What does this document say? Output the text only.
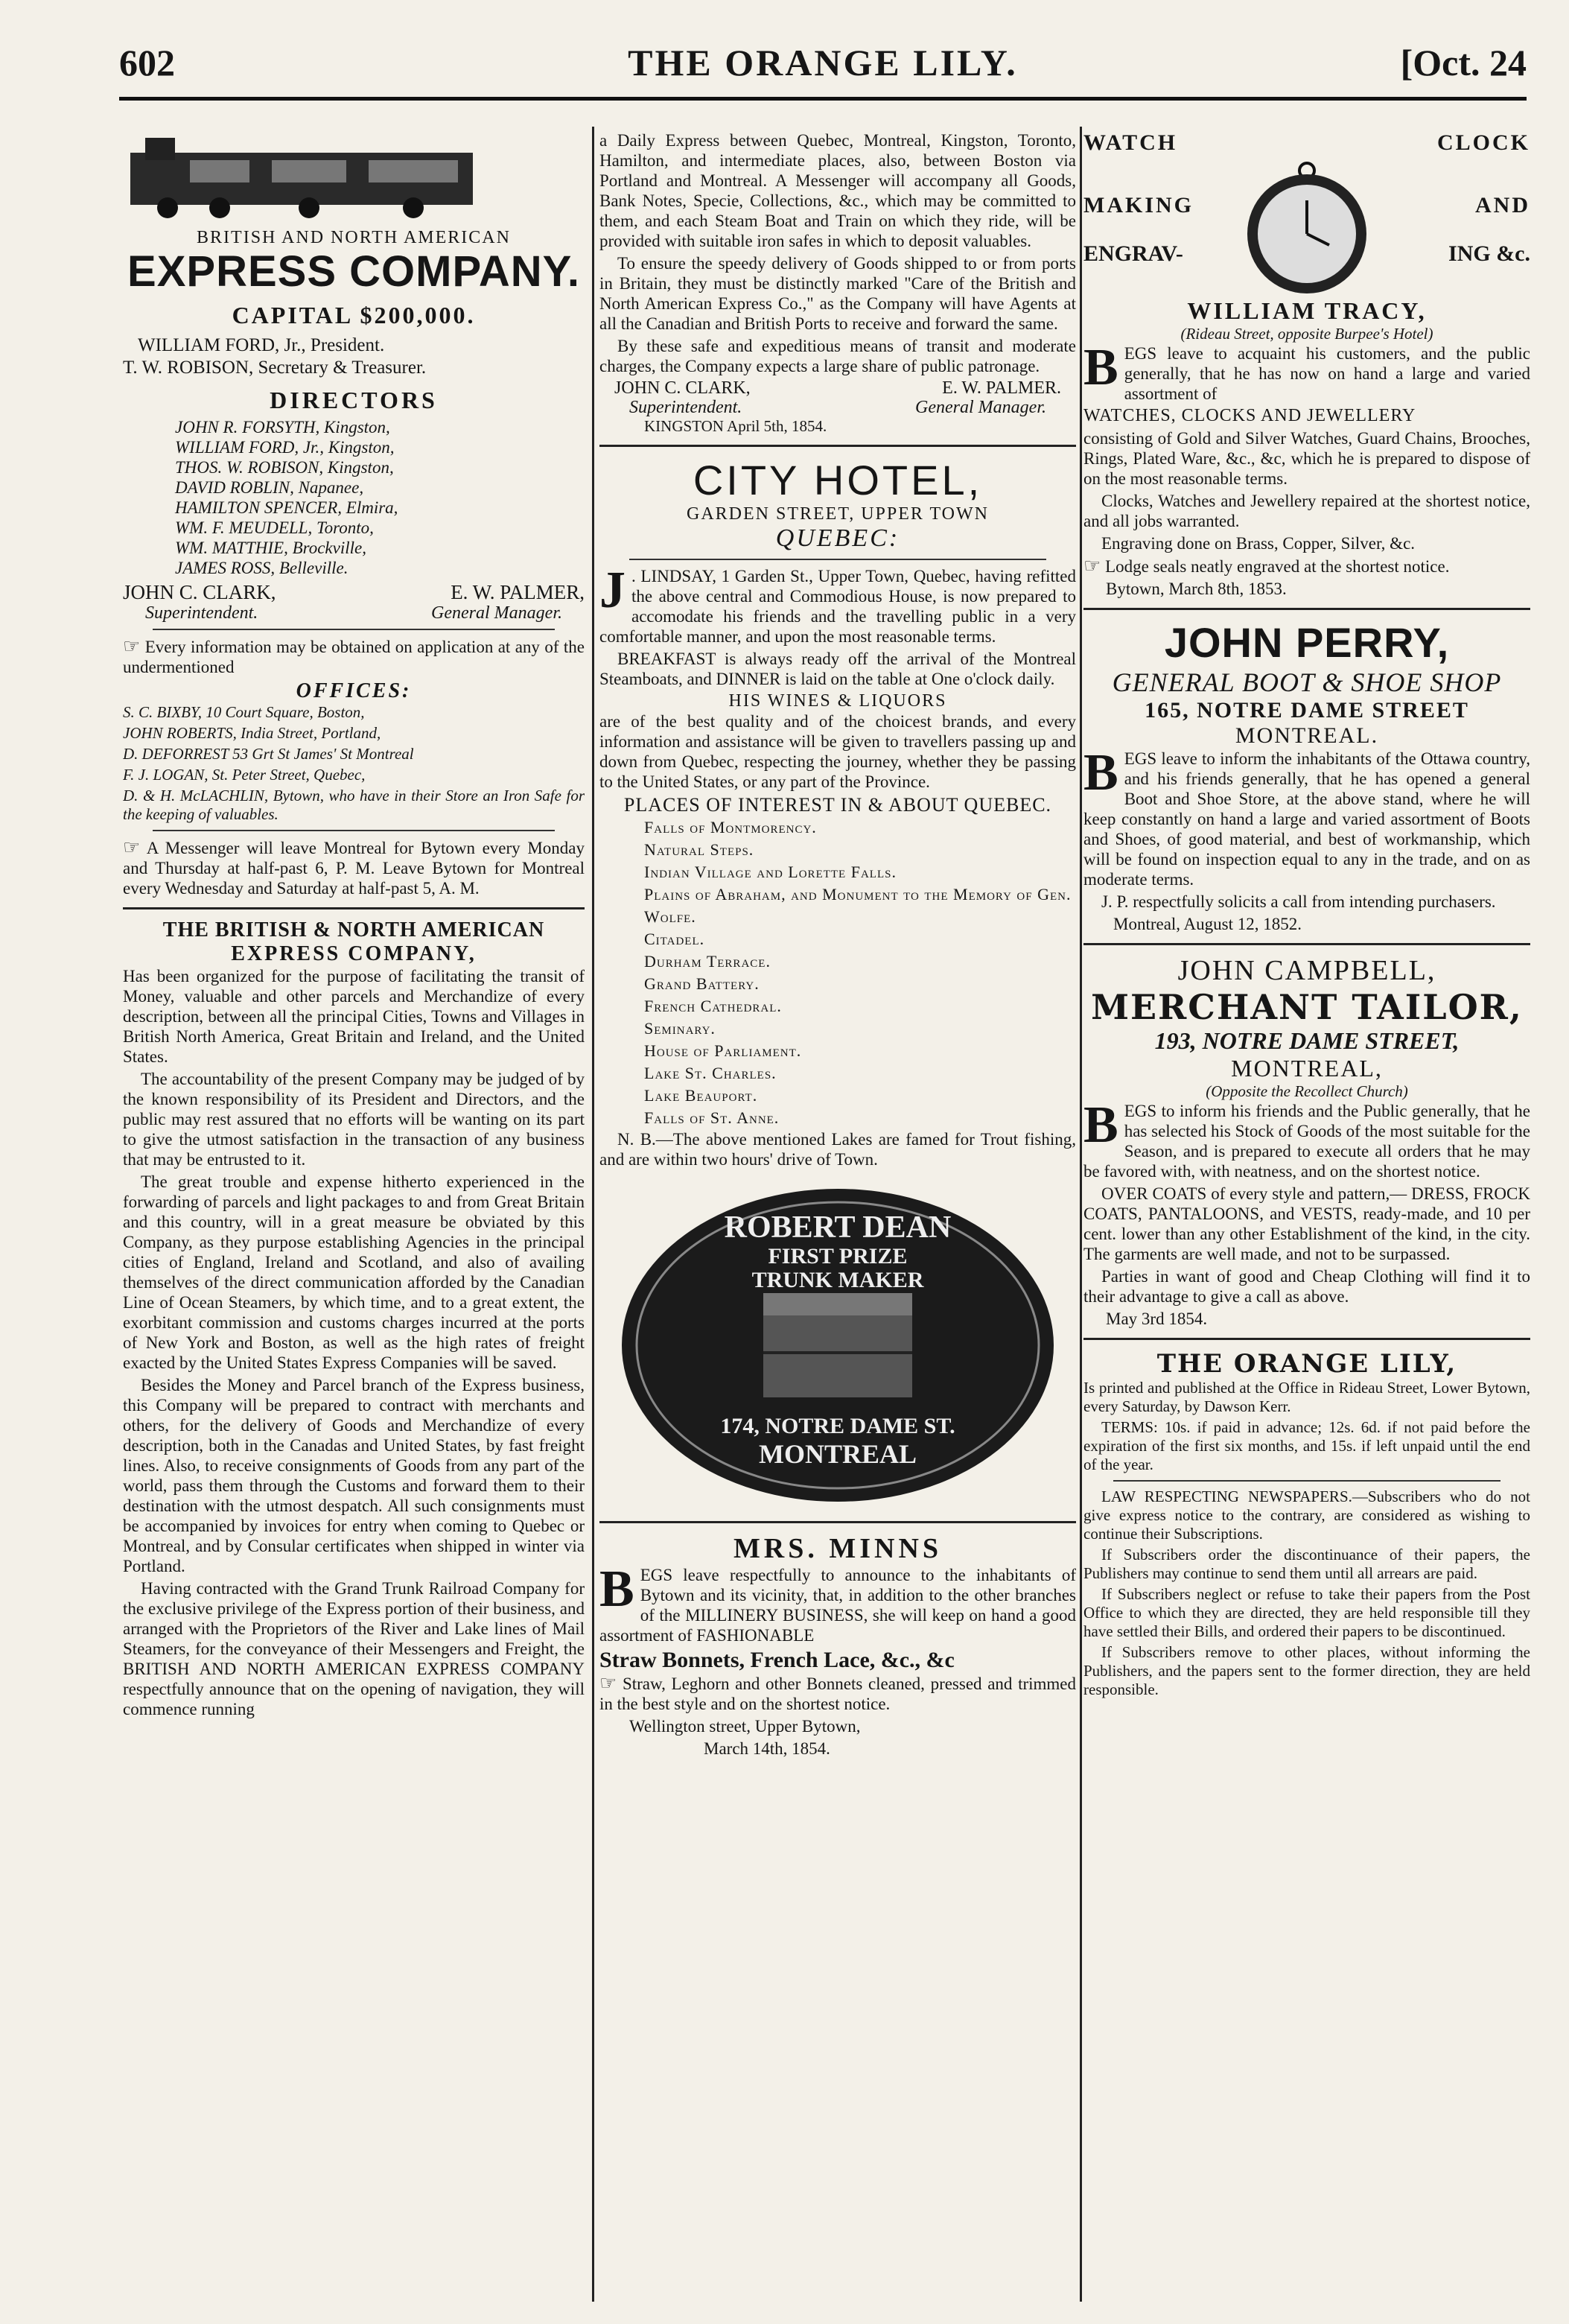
602	THE ORANGE LILY.	[Oct. 24
BRITISH AND NORTH AMERICAN
EXPRESS COMPANY.
CAPITAL $200,000.
WILLIAM FORD, Jr., President.
T. W. ROBISON, Secretary & Treasurer.
DIRECTORS
JOHN R. FORSYTH, Kingston,
WILLIAM FORD, Jr., Kingston,
THOS. W. ROBISON, Kingston,
DAVID ROBLIN, Napanee,
HAMILTON SPENCER, Elmira,
WM. F. MEUDELL, Toronto,
WM. MATTHIE, Brockville,
JAMES ROSS, Belleville.
JOHN C. CLARK,	E. W. PALMER,
Superintendent.	General Manager.
☞ Every information may be obtained on application at any of the undermentioned
OFFICES:
S. C. BIXBY, 10 Court Square, Boston,
JOHN ROBERTS, India Street, Portland,
D. DEFORREST 53 Grt St James' St Montreal
F. J. LOGAN, St. Peter Street, Quebec,
D. & H. McLACHLIN, Bytown, who have in their Store an Iron Safe for the keeping of valuables.
☞ A Messenger will leave Montreal for Bytown every Monday and Thursday at half-past 6, P. M. Leave Bytown for Montreal every Wednesday and Saturday at half-past 5, A. M.
THE BRITISH & NORTH AMERICAN
EXPRESS COMPANY,

Has been organized for the purpose of facilitating the transit of Money, valuable and other parcels and Merchandize of every description, between all the principal Cities, Towns and Villages in British North America, Great Britain and Ireland, and the United States.

The accountability of the present Company may be judged of by the known responsibility of its President and Directors, and the public may rest assured that no efforts will be wanting on its part to give the utmost satisfaction in the transaction of any business that may be entrusted to it.

The great trouble and expense hitherto experienced in the forwarding of parcels and light packages to and from Great Britain and this country, will in a great measure be obviated by this Company, as they purpose establishing Agencies in the principal cities of England, Ireland and Scotland, and also of availing themselves of the direct communication afforded by the Canadian Line of Ocean Steamers, by which time, and to a great extent, the exorbitant commission and customs charges incurred at the ports of New York and Boston, as well as the high rates of freight exacted by the United States Express Companies will be saved.

Besides the Money and Parcel branch of the Express business, this Company will be prepared to contract with merchants and others, for the delivery of Goods and Merchandize of every description, both in the Canadas and United States, by fast freight lines. Also, to receive consignments of Goods from any part of the world, pass them through the Customs and forward them to their destination with the utmost despatch. All such consignments must be accompanied by invoices for entry when coming to Quebec or Montreal, and by Consular certificates when shipped in winter via Portland.

Having contracted with the Grand Trunk Railroad Company for the exclusive privilege of the Express portion of their business, and arranged with the Proprietors of the River and Lake lines of Mail Steamers, for the conveyance of their Messengers and Freight, the BRITISH AND NORTH AMERICAN EXPRESS COMPANY respectfully announce that on the opening of navigation, they will commence running

a Daily Express between Quebec, Montreal, Kingston, Toronto, Hamilton, and intermediate places, also, between Boston via Portland and Montreal. A Messenger will accompany all Goods, Bank Notes, Specie, Collections, &c., which may be committed to them, and each Steam Boat and Train on which they ride, will be provided with suitable iron safes in which to deposit valuables.

To ensure the speedy delivery of Goods shipped to or from ports in Britain, they must be distinctly marked "Care of the British and North American Express Co.," as the Company will have Agents at all the Canadian and British Ports to receive and forward the same.

By these safe and expeditious means of transit and moderate charges, the Company expects a large share of public patronage.

JOHN C. CLARK,	E. W. PALMER.
Superintendent.	General Manager.
KINGSTON April 5th, 1854.
CITY HOTEL,
GARDEN STREET, UPPER TOWN
QUEBEC:

J . LINDSAY, 1 Garden St., Upper Town, Quebec, having refitted the above central and Commodious House, is now prepared to accomodate his friends and the travelling public in a very comfortable manner, and upon the most reasonable terms.

BREAKFAST is always ready off the arrival of the Montreal Steamboats, and DINNER is laid on the table at One o'clock daily.

HIS WINES & LIQUORS

are of the best quality and of the choicest brands, and every information and assistance will be given to travellers passing up and down from Quebec, respecting the journey, whether they be passing to the United States, or any part of the Province.

PLACES OF INTEREST IN & ABOUT QUEBEC.
Falls of Montmorency.
Natural Steps.
Indian Village and Lorette Falls.
Plains of Abraham, and Monument to the Memory of Gen. Wolfe.
Citadel.
Durham Terrace.
Grand Battery.
French Cathedral.
Seminary.
House of Parliament.
Lake St. Charles.
Lake Beauport.
Falls of St. Anne.

N. B.—The above mentioned Lakes are famed for Trout fishing, and are within two hours' drive of Town.

ROBERT DEAN
FIRST PRIZE
TRUNK MAKER
174, NOTRE DAME ST.
MONTREAL
MRS. MINNS

BEGS leave respectfully to announce to the inhabitants of Bytown and its vicinity, that, in addition to the other branches of the MILLINERY BUSINESS, she will keep on hand a good assortment of FASHIONABLE

Straw Bonnets, French Lace, &c., &c

☞ Straw, Leghorn and other Bonnets cleaned, pressed and trimmed in the best style and on the shortest notice.

Wellington street, Upper Bytown,
March 14th, 1854.
WATCH	CLOCK
MAKING	AND
ENGRAV-	ING &c.
WILLIAM TRACY,
(Rideau Street, opposite Burpee's Hotel)

BEGS leave to acquaint his customers, and the public generally, that he has now on hand a large and varied assortment of

WATCHES, CLOCKS AND JEWELLERY

consisting of Gold and Silver Watches, Guard Chains, Brooches, Rings, Plated Ware, &c., &c, which he is prepared to dispose of on the most reasonable terms.

Clocks, Watches and Jewellery repaired at the shortest notice, and all jobs warranted.

Engraving done on Brass, Copper, Silver, &c.

☞ Lodge seals neatly engraved at the shortest notice.

Bytown, March 8th, 1853.
JOHN PERRY,
GENERAL BOOT & SHOE SHOP
165, NOTRE DAME STREET
MONTREAL.

BEGS leave to inform the inhabitants of the Ottawa country, and his friends generally, that he has opened a general Boot and Shoe Store, at the above stand, where he will keep constantly on hand a large and varied assortment of Boots and Shoes, of good material, and best of workmanship, which will be found on inspection equal to any in the trade, and on as moderate terms.

J. P. respectfully solicits a call from intending purchasers.

Montreal, August 12, 1852.
JOHN CAMPBELL,
MERCHANT TAILOR,
193, NOTRE DAME STREET,
MONTREAL,
(Opposite the Recollect Church)

BEGS to inform his friends and the Public generally, that he has selected his Stock of Goods of the most suitable for the Season, and is prepared to execute all orders that he may be favored with, with neatness, and on the shortest notice.

OVER COATS of every style and pattern,— DRESS, FROCK COATS, PANTALOONS, and VESTS, ready-made, and 10 per cent. lower than any other Establishment of the kind, in the city. The garments are well made, and not to be surpassed.

Parties in want of good and Cheap Clothing will find it to their advantage to give a call as above.

May 3rd 1854.
THE ORANGE LILY,

Is printed and published at the Office in Rideau Street, Lower Bytown, every Saturday, by Dawson Kerr.

TERMS: 10s. if paid in advance; 12s. 6d. if not paid before the expiration of the first six months, and 15s. if left unpaid until the end of the year.

LAW RESPECTING NEWSPAPERS.—Subscribers who do not give express notice to the contrary, are considered as wishing to continue their Subscriptions.

If Subscribers order the discontinuance of their papers, the Publishers may continue to send them until all arrears are paid.

If Subscribers neglect or refuse to take their papers from the Post Office to which they are directed, they are held responsible till they have settled their Bills, and ordered their papers to be discontinued.

If Subscribers remove to other places, without informing the Publishers, and the papers sent to the former direction, they are held responsible.
